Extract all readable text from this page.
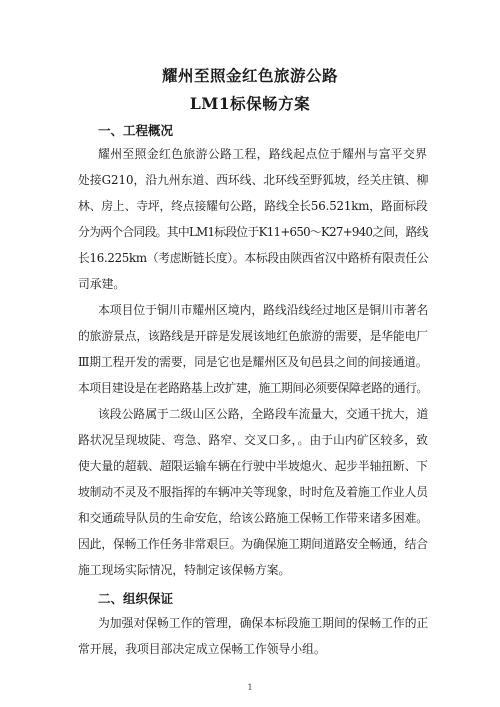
耀州至照金红色旅游公路
LM1标保畅方案
一、工程概况
耀州至照金红色旅游公路工程，路线起点位于耀州与富平交界
处接G210，沿九州东道、西环线、北环线至野狐坡，经关庄镇、柳
林、房上、寺坪，终点接耀旬公路，路线全长56.521km，路面标段
分为两个合同段。其中LM1标段位于K11+650～K27+940之间，路线
长16.225km（考虑断链长度）。本标段由陕西省汉中路桥有限责任公
司承建。
本项目位于铜川市耀州区境内，路线沿线经过地区是铜川市著名
的旅游景点，该路线是开辟是发展该地红色旅游的需要，是华能电厂
Ⅲ期工程开发的需要，同是它也是耀州区及旬邑县之间的间接通道。
本项目建设是在老路路基上改扩建，施工期间必须要保障老路的通行。
该段公路属于二级山区公路，全路段车流量大，交通干扰大，道
路状况呈现坡陡、弯急、路窄、交叉口多，。由于山内矿区较多，致
使大量的超载、超限运输车辆在行驶中半坡熄火、起步半轴扭断、下
坡制动不灵及不服指挥的车辆冲关等现象，时时危及着施工作业人员
和交通疏导队员的生命安危，给该公路施工保畅工作带来诸多困难。
因此，保畅工作任务非常艰巨。为确保施工期间道路安全畅通，结合
施工现场实际情况，特制定该保畅方案。
二、组织保证
为加强对保畅工作的管理，确保本标段施工期间的保畅工作的正
常开展，我项目部决定成立保畅工作领导小组。
1
